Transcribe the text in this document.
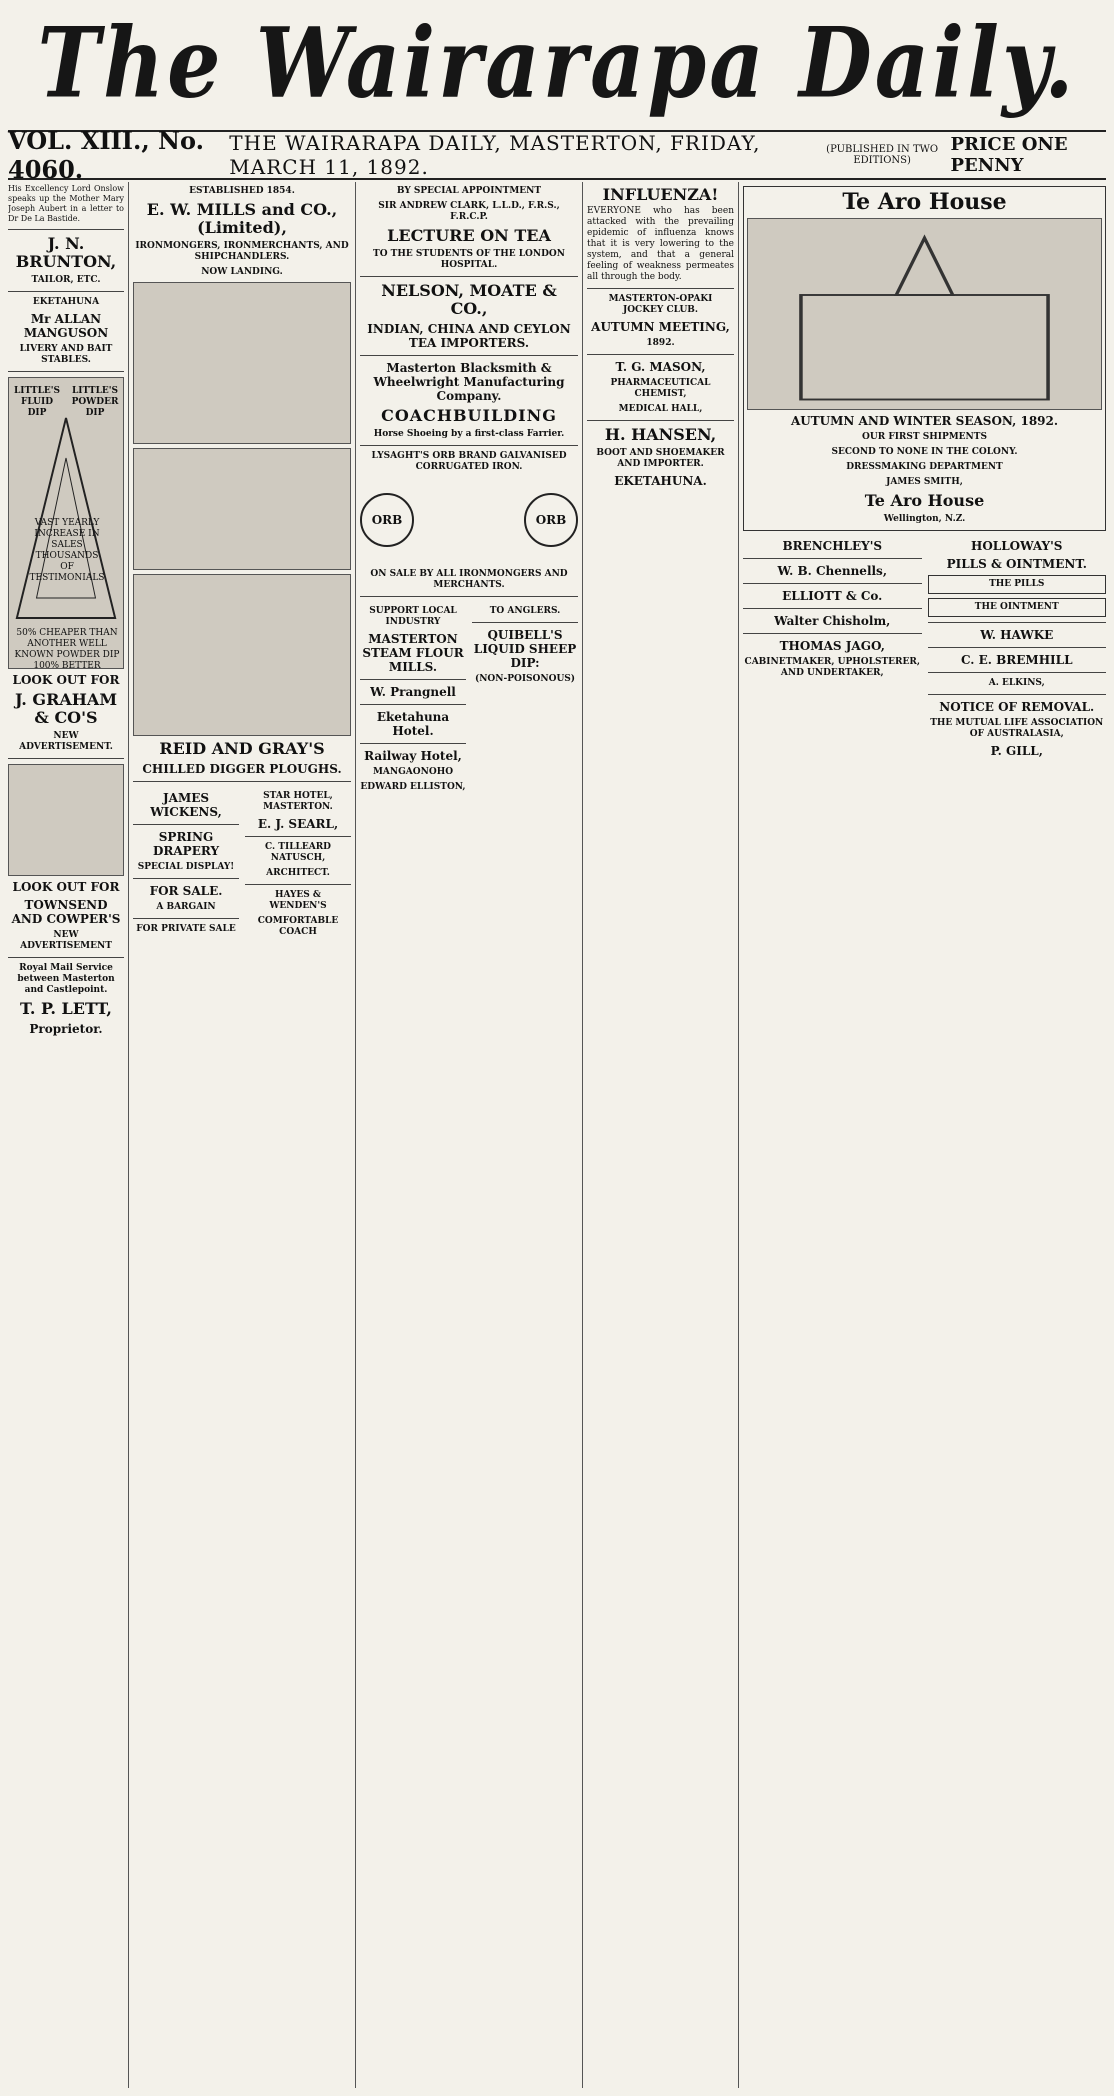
The Wairarapa Daily.
VOL. XIII., No. 4060.
THE WAIRARAPA DAILY, MASTERTON, FRIDAY, MARCH 11, 1892.
(PUBLISHED IN TWO EDITIONS)
PRICE ONE PENNY

His Excellency Lord Onslow speaks up the Mother Mary Joseph Aubert in a letter to Dr De La Bastide.

J. N. BRUNTON,
TAILOR, ETC.
EKETAHUNA
Mr ALLAN MANGUSON
LIVERY AND BAIT STABLES.
LITTLE'S FLUID DIP
LITTLE'S POWDER DIP
VAST YEARLY INCREASE IN SALES THOUSANDS OF TESTIMONIALS
50% CHEAPER THAN ANOTHER WELL KNOWN POWDER DIP 100% BETTER
LOOK OUT FOR
J. GRAHAM & CO'S
NEW ADVERTISEMENT.
LOOK OUT FOR
TOWNSEND AND COWPER'S
NEW ADVERTISEMENT
Royal Mail Service between Masterton and Castlepoint.
T. P. LETT,
Proprietor.
ESTABLISHED 1854.
E. W. MILLS and CO., (Limited),
IRONMONGERS, IRONMERCHANTS, AND SHIPCHANDLERS.
NOW LANDING.
REID AND GRAY'S
CHILLED DIGGER PLOUGHS.
JAMES WICKENS,
SPRING DRAPERY
SPECIAL DISPLAY!
FOR SALE.
A BARGAIN
FOR PRIVATE SALE
STAR HOTEL, MASTERTON.
E. J. SEARL,
C. TILLEARD NATUSCH,
ARCHITECT.
HAYES & WENDEN'S
COMFORTABLE COACH
BY SPECIAL APPOINTMENT
SIR ANDREW CLARK, L.L.D., F.R.S., F.R.C.P.
LECTURE ON TEA
TO THE STUDENTS OF THE LONDON HOSPITAL.
NELSON, MOATE & CO.,
INDIAN, CHINA AND CEYLON TEA IMPORTERS.
Masterton Blacksmith & Wheelwright Manufacturing Company.
COACHBUILDING
Horse Shoeing by a first-class Farrier.
LYSAGHT'S ORB BRAND GALVANISED CORRUGATED IRON.
ORB	ORB
ON SALE BY ALL IRONMONGERS AND MERCHANTS.
SUPPORT LOCAL INDUSTRY
MASTERTON STEAM FLOUR MILLS.
W. Prangnell
Eketahuna Hotel.
Railway Hotel,
MANGAONOHO
EDWARD ELLISTON,
TO ANGLERS.
QUIBELL'S LIQUID SHEEP DIP:
(NON-POISONOUS)
INFLUENZA!

EVERYONE who has been attacked with the prevailing epidemic of influenza knows that it is very lowering to the system, and that a general feeling of weakness permeates all through the body.

MASTERTON-OPAKI JOCKEY CLUB.
AUTUMN MEETING,
1892.
T. G. MASON,
PHARMACEUTICAL CHEMIST,
MEDICAL HALL,
H. HANSEN,
BOOT AND SHOEMAKER AND IMPORTER.
EKETAHUNA.
Te Aro House
AUTUMN AND WINTER SEASON, 1892.
OUR FIRST SHIPMENTS
SECOND TO NONE IN THE COLONY.
DRESSMAKING DEPARTMENT
JAMES SMITH,
Te Aro House
Wellington, N.Z.
BRENCHLEY'S
W. B. Chennells,
ELLIOTT & Co.
Walter Chisholm,
THOMAS JAGO,
CABINETMAKER, UPHOLSTERER, AND UNDERTAKER,
HOLLOWAY'S
PILLS & OINTMENT.
THE PILLS
THE OINTMENT
W. HAWKE
C. E. BREMHILL
A. ELKINS,
NOTICE OF REMOVAL.
THE MUTUAL LIFE ASSOCIATION OF AUSTRALASIA,
P. GILL,
